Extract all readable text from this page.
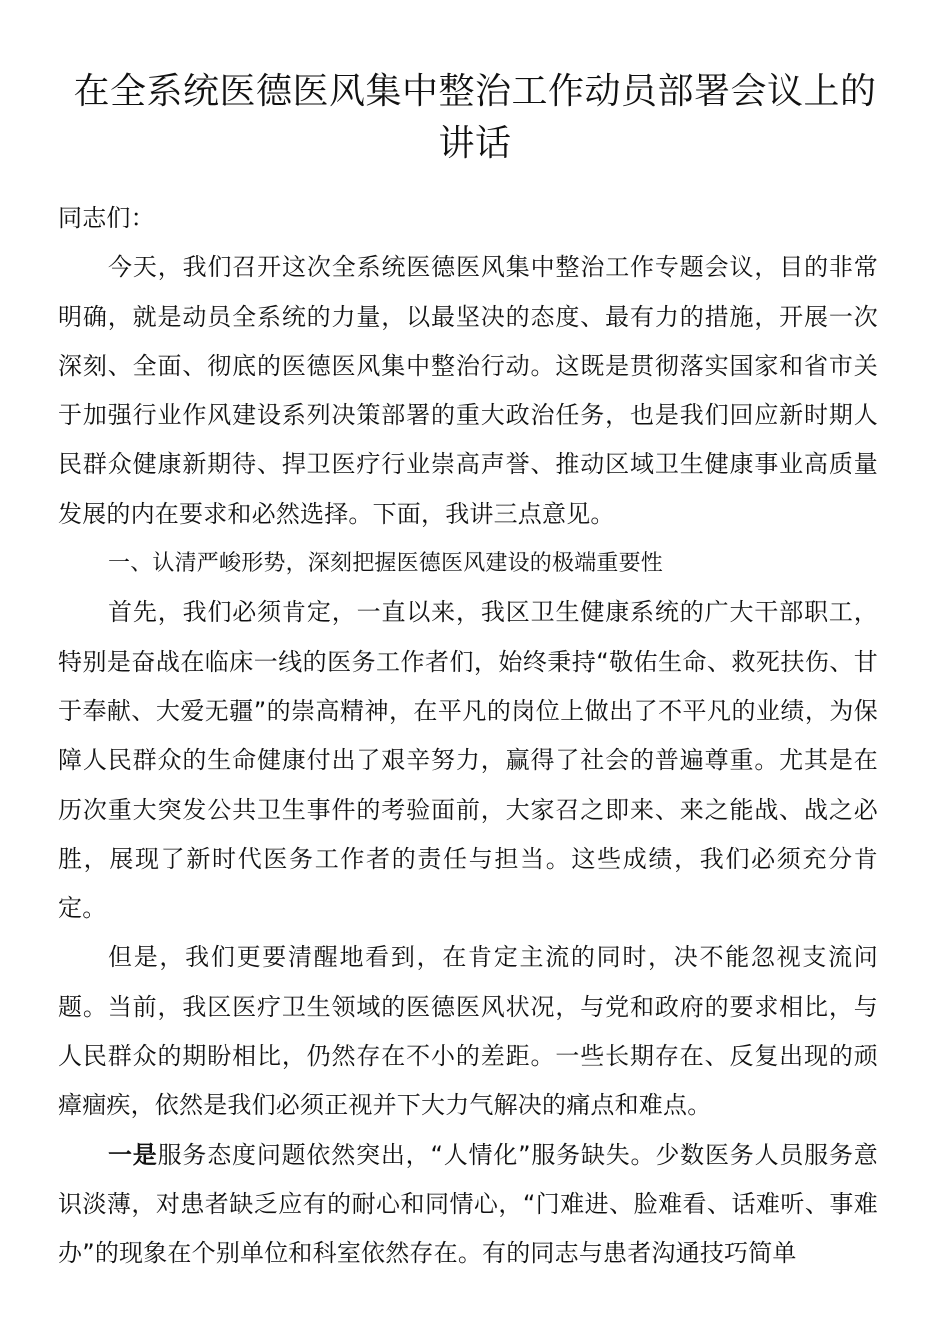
在全系统医德医风集中整治工作动员部署会议上的讲话

同志们：

今天，我们召开这次全系统医德医风集中整治工作专题会议，目的非常明确，就是动员全系统的力量，以最坚决的态度、最有力的措施，开展一次深刻、全面、彻底的医德医风集中整治行动。这既是贯彻落实国家和省市关于加强行业作风建设系列决策部署的重大政治任务，也是我们回应新时期人民群众健康新期待、捍卫医疗行业崇高声誉、推动区域卫生健康事业高质量发展的内在要求和必然选择。下面，我讲三点意见。

一、认清严峻形势，深刻把握医德医风建设的极端重要性

首先，我们必须肯定，一直以来，我区卫生健康系统的广大干部职工，特别是奋战在临床一线的医务工作者们，始终秉持“敬佑生命、救死扶伤、甘于奉献、大爱无疆”的崇高精神，在平凡的岗位上做出了不平凡的业绩，为保障人民群众的生命健康付出了艰辛努力，赢得了社会的普遍尊重。尤其是在历次重大突发公共卫生事件的考验面前，大家召之即来、来之能战、战之必胜，展现了新时代医务工作者的责任与担当。这些成绩，我们必须充分肯定。

但是，我们更要清醒地看到，在肯定主流的同时，决不能忽视支流问题。当前，我区医疗卫生领域的医德医风状况，与党和政府的要求相比，与人民群众的期盼相比，仍然存在不小的差距。一些长期存在、反复出现的顽瘴痼疾，依然是我们必须正视并下大力气解决的痛点和难点。

一是服务态度问题依然突出，“人情化”服务缺失。少数医务人员服务意识淡薄，对患者缺乏应有的耐心和同情心，“门难进、脸难看、话难听、事难办”的现象在个别单位和科室依然存在。有的同志与患者沟通技巧简单
